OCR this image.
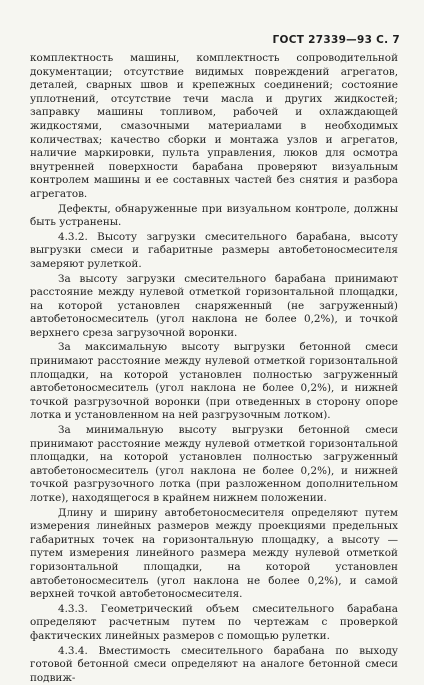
ГОСТ 27339—93 С. 7

комплектность машины, комплектность сопроводительной документации; отсутствие видимых повреждений агрегатов, деталей, сварных швов и крепежных соединений; состояние уплотнений, отсутствие течи масла и других жидкостей; заправку машины топливом, рабочей и охлаждающей жидкостями, смазочными материалами в необходимых количествах; качество сборки и монтажа узлов и агрегатов, наличие маркировки, пульта управления, люков для осмотра внутренней поверхности барабана проверяют визуальным контролем машины и ее составных частей без снятия и разбора агрегатов.

Дефекты, обнаруженные при визуальном контроле, должны быть устранены.

4.3.2. Высоту загрузки смесительного барабана, высоту выгрузки смеси и габаритные размеры автобетоносмесителя замеряют рулеткой.

За высоту загрузки смесительного барабана принимают расстояние между нулевой отметкой горизонтальной площадки, на которой установлен снаряженный (не загруженный) автобетоносмеситель (угол наклона не более 0,2%), и точкой верхнего среза загрузочной воронки.

За максимальную высоту выгрузки бетонной смеси принимают расстояние между нулевой отметкой горизонтальной площадки, на которой установлен полностью загруженный автобетоносмеситель (угол наклона не более 0,2%), и нижней точкой разгрузочной воронки (при отведенных в сторону опоре лотка и установленном на ней разгрузочным лотком).

За минимальную высоту выгрузки бетонной смеси принимают расстояние между нулевой отметкой горизонтальной площадки, на которой установлен полностью загруженный автобетоносмеситель (угол наклона не более 0,2%), и нижней точкой разгрузочного лотка (при разложенном дополнительном лотке), находящегося в крайнем нижнем положении.

Длину и ширину автобетоносмесителя определяют путем измерения линейных размеров между проекциями предельных габаритных точек на горизонтальную площадку, а высоту — путем измерения линейного размера между нулевой отметкой горизонтальной площадки, на которой установлен автобетоносмеситель (угол наклона не более 0,2%), и самой верхней точкой автобетоносмесителя.

4.3.3. Геометрический объем смесительного барабана определяют расчетным путем по чертежам с проверкой фактических линейных размеров с помощью рулетки.

4.3.4. Вместимость смесительного барабана по выходу готовой бетонной смеси определяют на аналоге бетонной смеси подвиж-
